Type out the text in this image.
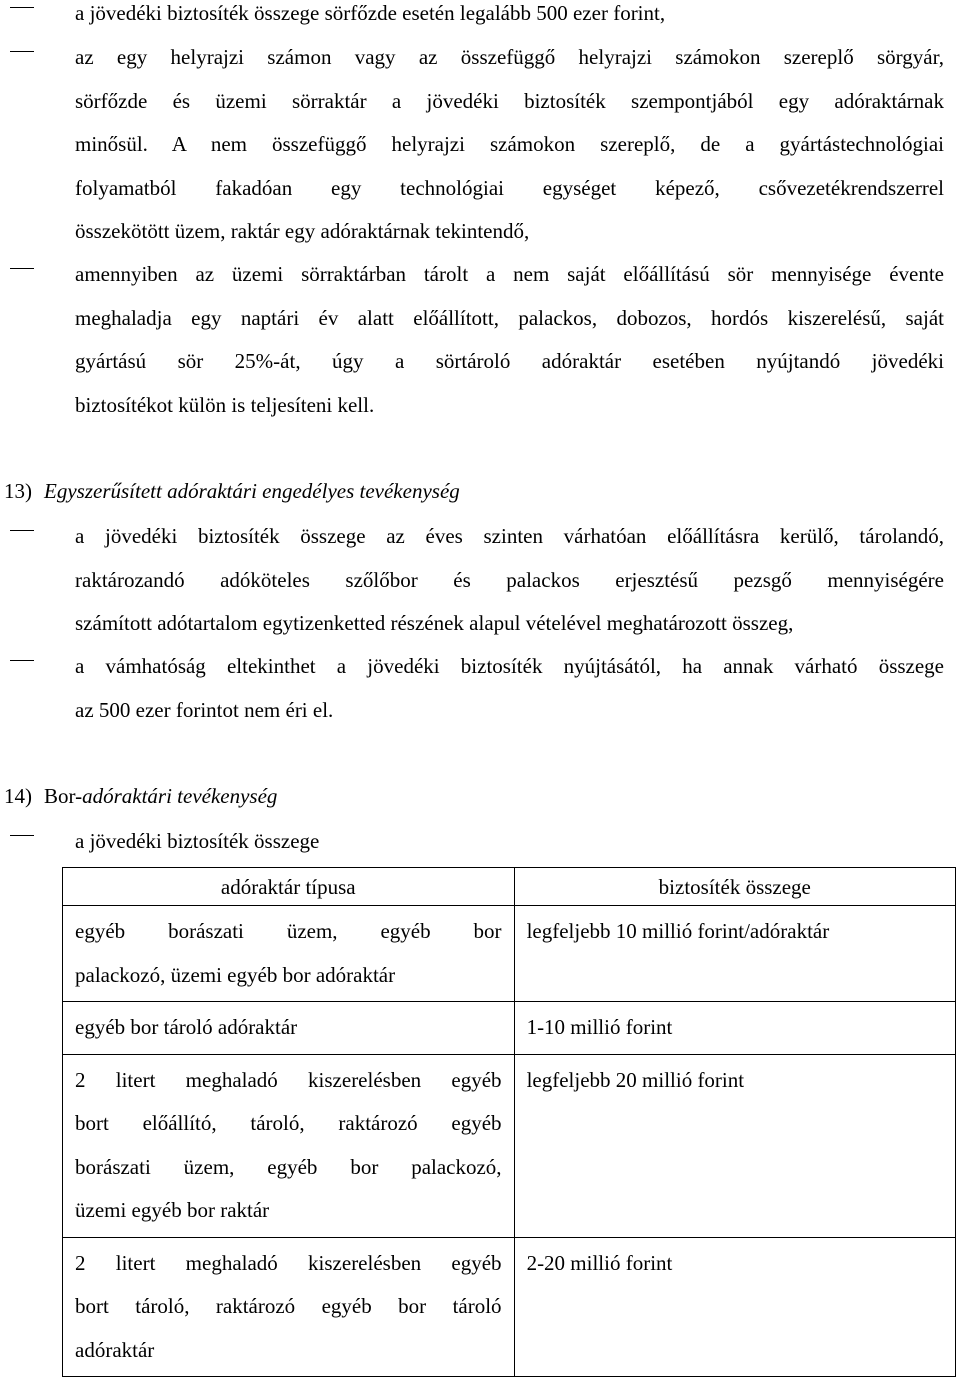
a jövedéki biztosíték összege sörfőzde esetén legalább 500 ezer forint,
az egy helyrajzi számon vagy az összefüggő helyrajzi számokon szereplő sörgyár,
sörfőzde és üzemi sörraktár a jövedéki biztosíték szempontjából egy adóraktárnak
minősül. A nem összefüggő helyrajzi számokon szereplő, de a gyártástechnológiai
folyamatból fakadóan egy technológiai egységet képező, csővezetékrendszerrel
összekötött üzem, raktár egy adóraktárnak tekintendő,
amennyiben az üzemi sörraktárban tárolt a nem saját előállítású sör mennyisége évente
meghaladja egy naptári év alatt előállított, palackos, dobozos, hordós kiszerelésű, saját
gyártású sör 25%-át, úgy a sörtároló adóraktár esetében nyújtandó jövedéki
biztosítékot külön is teljesíteni kell.
13) Egyszerűsített adóraktári engedélyes tevékenység
a jövedéki biztosíték összege az éves szinten várhatóan előállításra kerülő, tárolandó,
raktározandó adóköteles szőlőbor és palackos erjesztésű pezsgő mennyiségére
számított adótartalom egytizenketted részének alapul vételével meghatározott összeg,
a vámhatóság eltekinthet a jövedéki biztosíték nyújtásától, ha annak várható összege
az 500 ezer forintot nem éri el.
14) Bor-adóraktári tevékenység
a jövedéki biztosíték összege
adóraktár típusa	biztosíték összege

egyéb borászati üzem, egyéb bor
palackozó, üzemi egyéb bor adóraktár	legfeljebb 10 millió forint/adóraktár

egyéb bor tároló adóraktár	1-10 millió forint

2 litert meghaladó kiszerelésben egyéb
bort előállító, tároló, raktározó egyéb
borászati üzem, egyéb bor palackozó,
üzemi egyéb bor raktár	legfeljebb 20 millió forint

2 litert meghaladó kiszerelésben egyéb
bort tároló, raktározó egyéb bor tároló
adóraktár	2-20 millió forint
